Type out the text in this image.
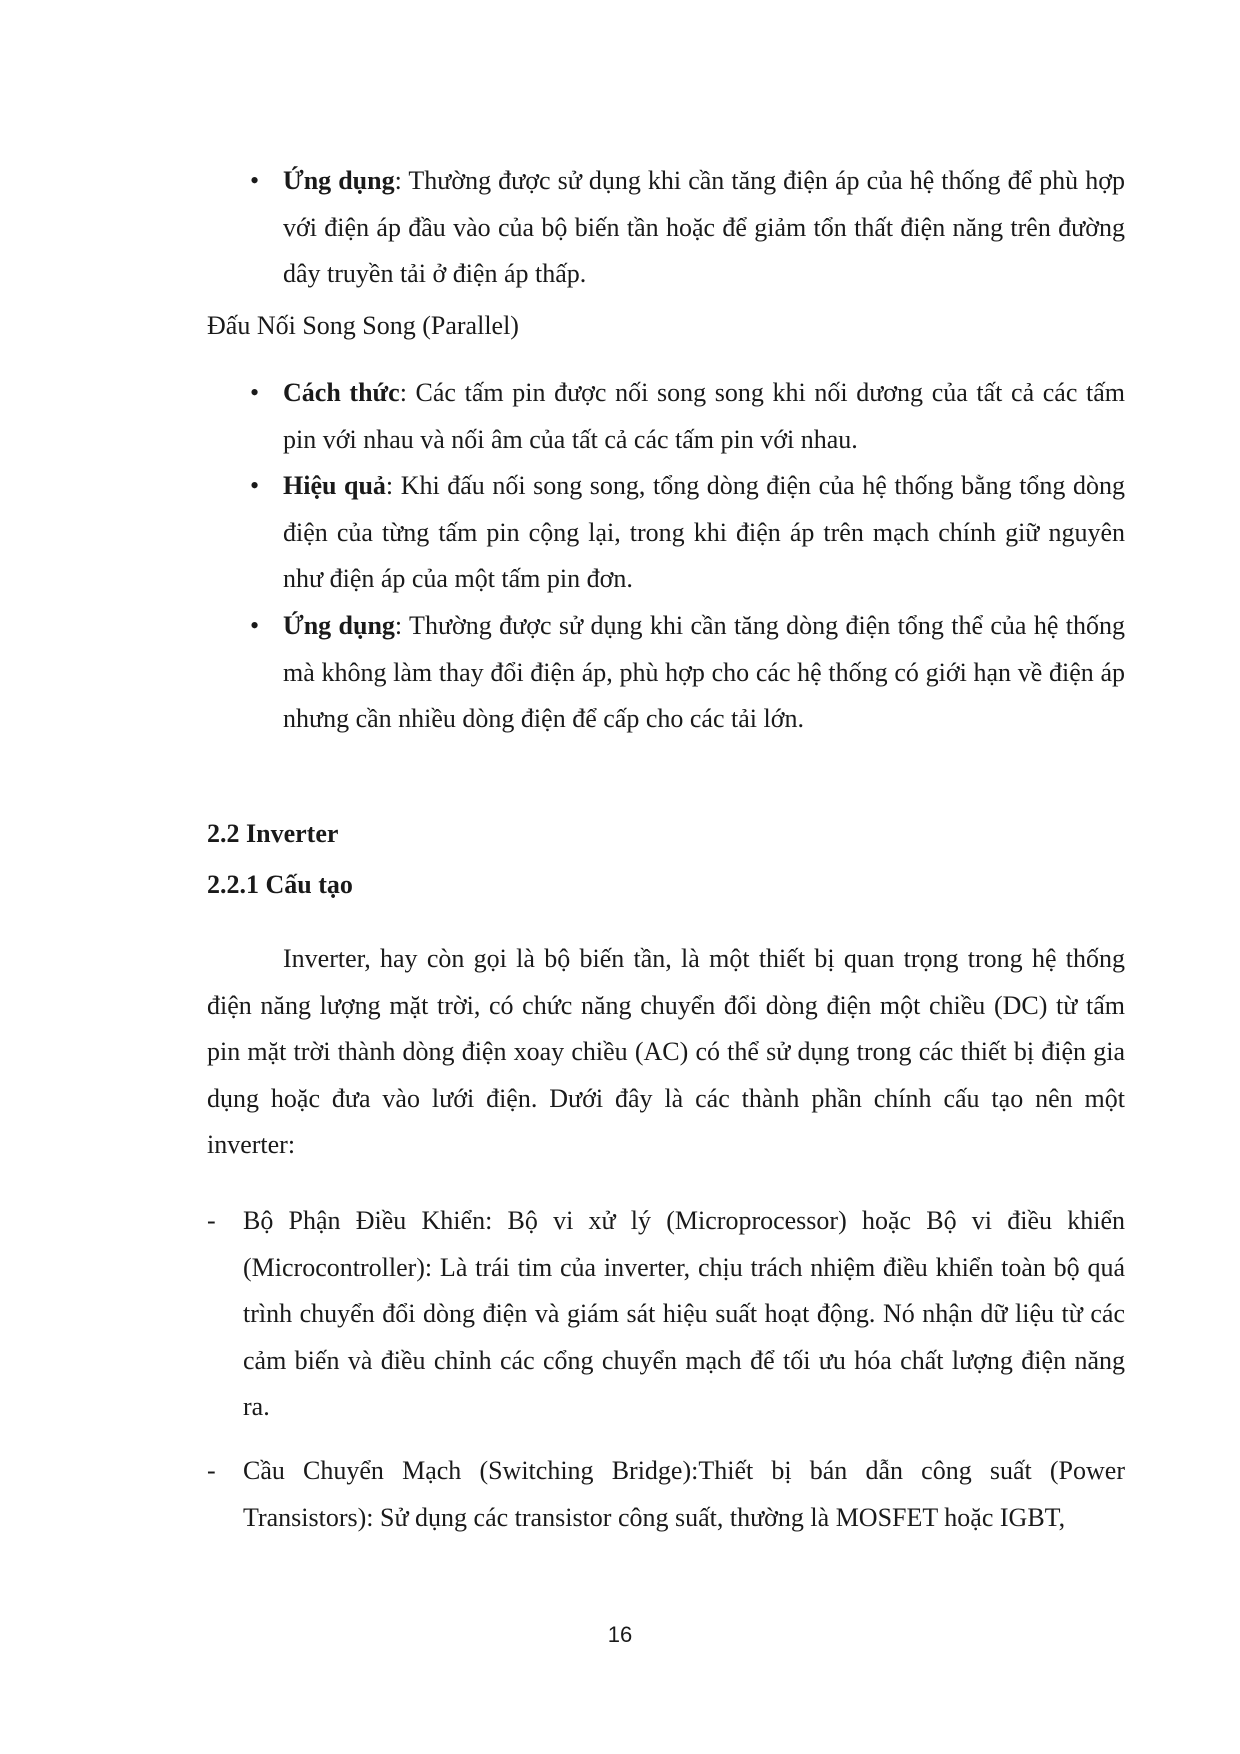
• Ứng dụng: Thường được sử dụng khi cần tăng điện áp của hệ thống để phù hợp với điện áp đầu vào của bộ biến tần hoặc để giảm tổn thất điện năng trên đường dây truyền tải ở điện áp thấp.
Đấu Nối Song Song (Parallel)
• Cách thức: Các tấm pin được nối song song khi nối dương của tất cả các tấm pin với nhau và nối âm của tất cả các tấm pin với nhau.
• Hiệu quả: Khi đấu nối song song, tổng dòng điện của hệ thống bằng tổng dòng điện của từng tấm pin cộng lại, trong khi điện áp trên mạch chính giữ nguyên như điện áp của một tấm pin đơn.
• Ứng dụng: Thường được sử dụng khi cần tăng dòng điện tổng thể của hệ thống mà không làm thay đổi điện áp, phù hợp cho các hệ thống có giới hạn về điện áp nhưng cần nhiều dòng điện để cấp cho các tải lớn.
2.2 Inverter
2.2.1 Cấu tạo
Inverter, hay còn gọi là bộ biến tần, là một thiết bị quan trọng trong hệ thống điện năng lượng mặt trời, có chức năng chuyển đổi dòng điện một chiều (DC) từ tấm pin mặt trời thành dòng điện xoay chiều (AC) có thể sử dụng trong các thiết bị điện gia dụng hoặc đưa vào lưới điện. Dưới đây là các thành phần chính cấu tạo nên một inverter:
- Bộ Phận Điều Khiển: Bộ vi xử lý (Microprocessor) hoặc Bộ vi điều khiển (Microcontroller): Là trái tim của inverter, chịu trách nhiệm điều khiển toàn bộ quá trình chuyển đổi dòng điện và giám sát hiệu suất hoạt động. Nó nhận dữ liệu từ các cảm biến và điều chỉnh các cổng chuyển mạch để tối ưu hóa chất lượng điện năng ra.
- Cầu Chuyển Mạch (Switching Bridge):Thiết bị bán dẫn công suất (Power Transistors): Sử dụng các transistor công suất, thường là MOSFET hoặc IGBT,
16
